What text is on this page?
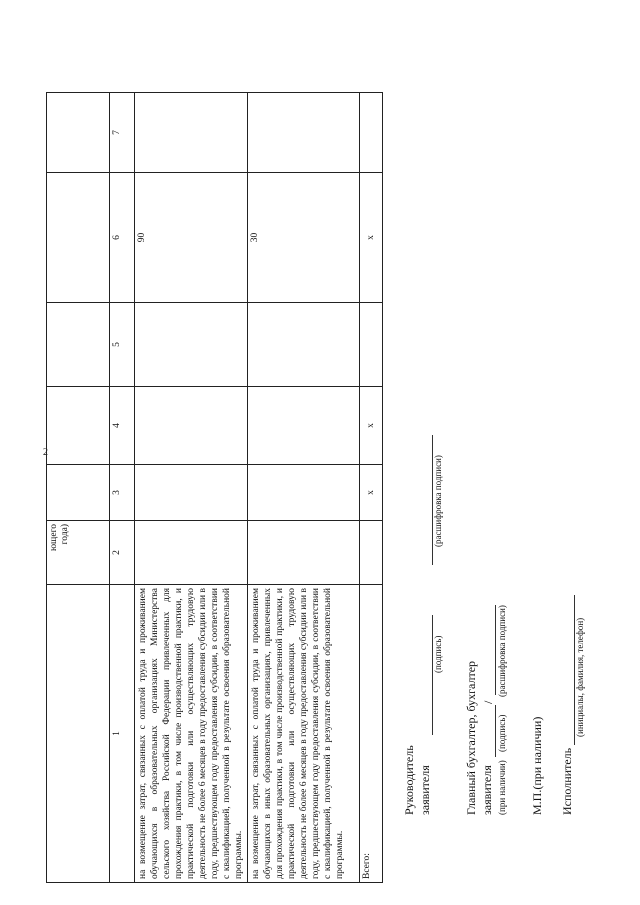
2
	ющего
года)					
1	2	3	4	5	6	7
на возмещение затрат, связанных с оплатой труда и проживанием обучающихся в образовательных организациях Министерства сельского хозяйства Российской Федерации привлеченных для прохождения практики, в том числе производственной практики, и практической подготовки или осуществляющих трудовую деятельность не более 6 месяцев в году предоставления субсидии или в году, предшествующем году предоставления субсидии, в соответствии с квалификацией, полученной в результате освоения образовательной программы.					90	
на возмещение затрат, связанных с оплатой труда и проживанием обучающихся в иных образовательных организациях, привлеченных для прохождения практики, в том числе производственной практики, и практической подготовки или осуществляющих трудовую деятельность не более 6 месяцев в году предоставления субсидии или в году, предшествующем году предоставления субсидии, в соответствии с квалификацией, полученной в результате освоения образовательной программы.					30	
Всего:		x	x		x	
Руководитель заявителя
(подпись)
(расшифровка подписи)
Главный бухгалтер, бухгалтер заявителя (при наличии)
/
(подпись)
(расшифровка подписи)
М.П.(при наличии) Исполнитель
(инициалы, фамилия, телефон)
